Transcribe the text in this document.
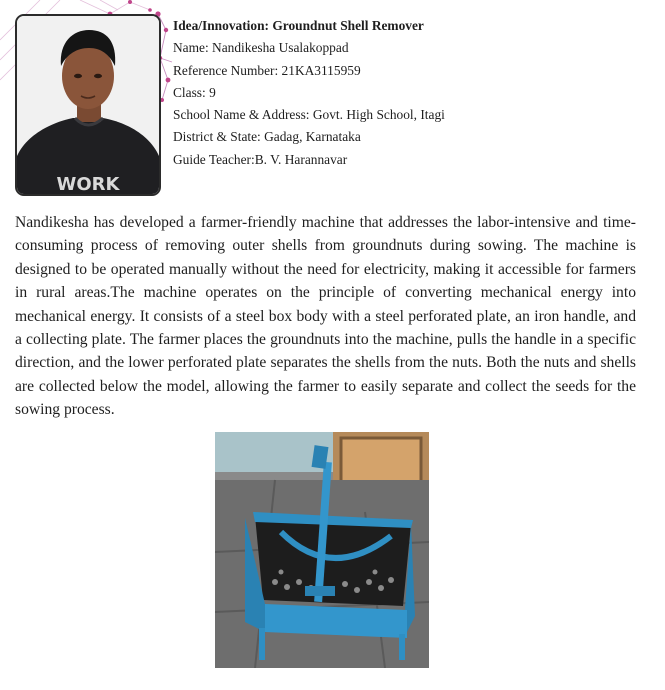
WORK
Idea/Innovation: Groundnut Shell Remover
Name: Nandikesha Usalakoppad
Reference Number: 21KA3115959
Class: 9
School Name & Address: Govt. High School, Itagi
District & State: Gadag, Karnataka
Guide Teacher:B. V. Harannavar

Nandikesha has developed a farmer-friendly machine that addresses the labor-intensive and time-consuming process of removing outer shells from groundnuts during sowing. The machine is designed to be operated manually without the need for electricity, making it accessible for farmers in rural areas.The machine operates on the principle of converting mechanical energy into mechanical energy. It consists of a steel box body with a steel perforated plate, an iron handle, and a collecting plate. The farmer places the groundnuts into the machine, pulls the handle in a specific direction, and the lower perforated plate separates the shells from the nuts. Both the nuts and shells are collected below the model, allowing the farmer to easily separate and collect the seeds for the sowing process.
